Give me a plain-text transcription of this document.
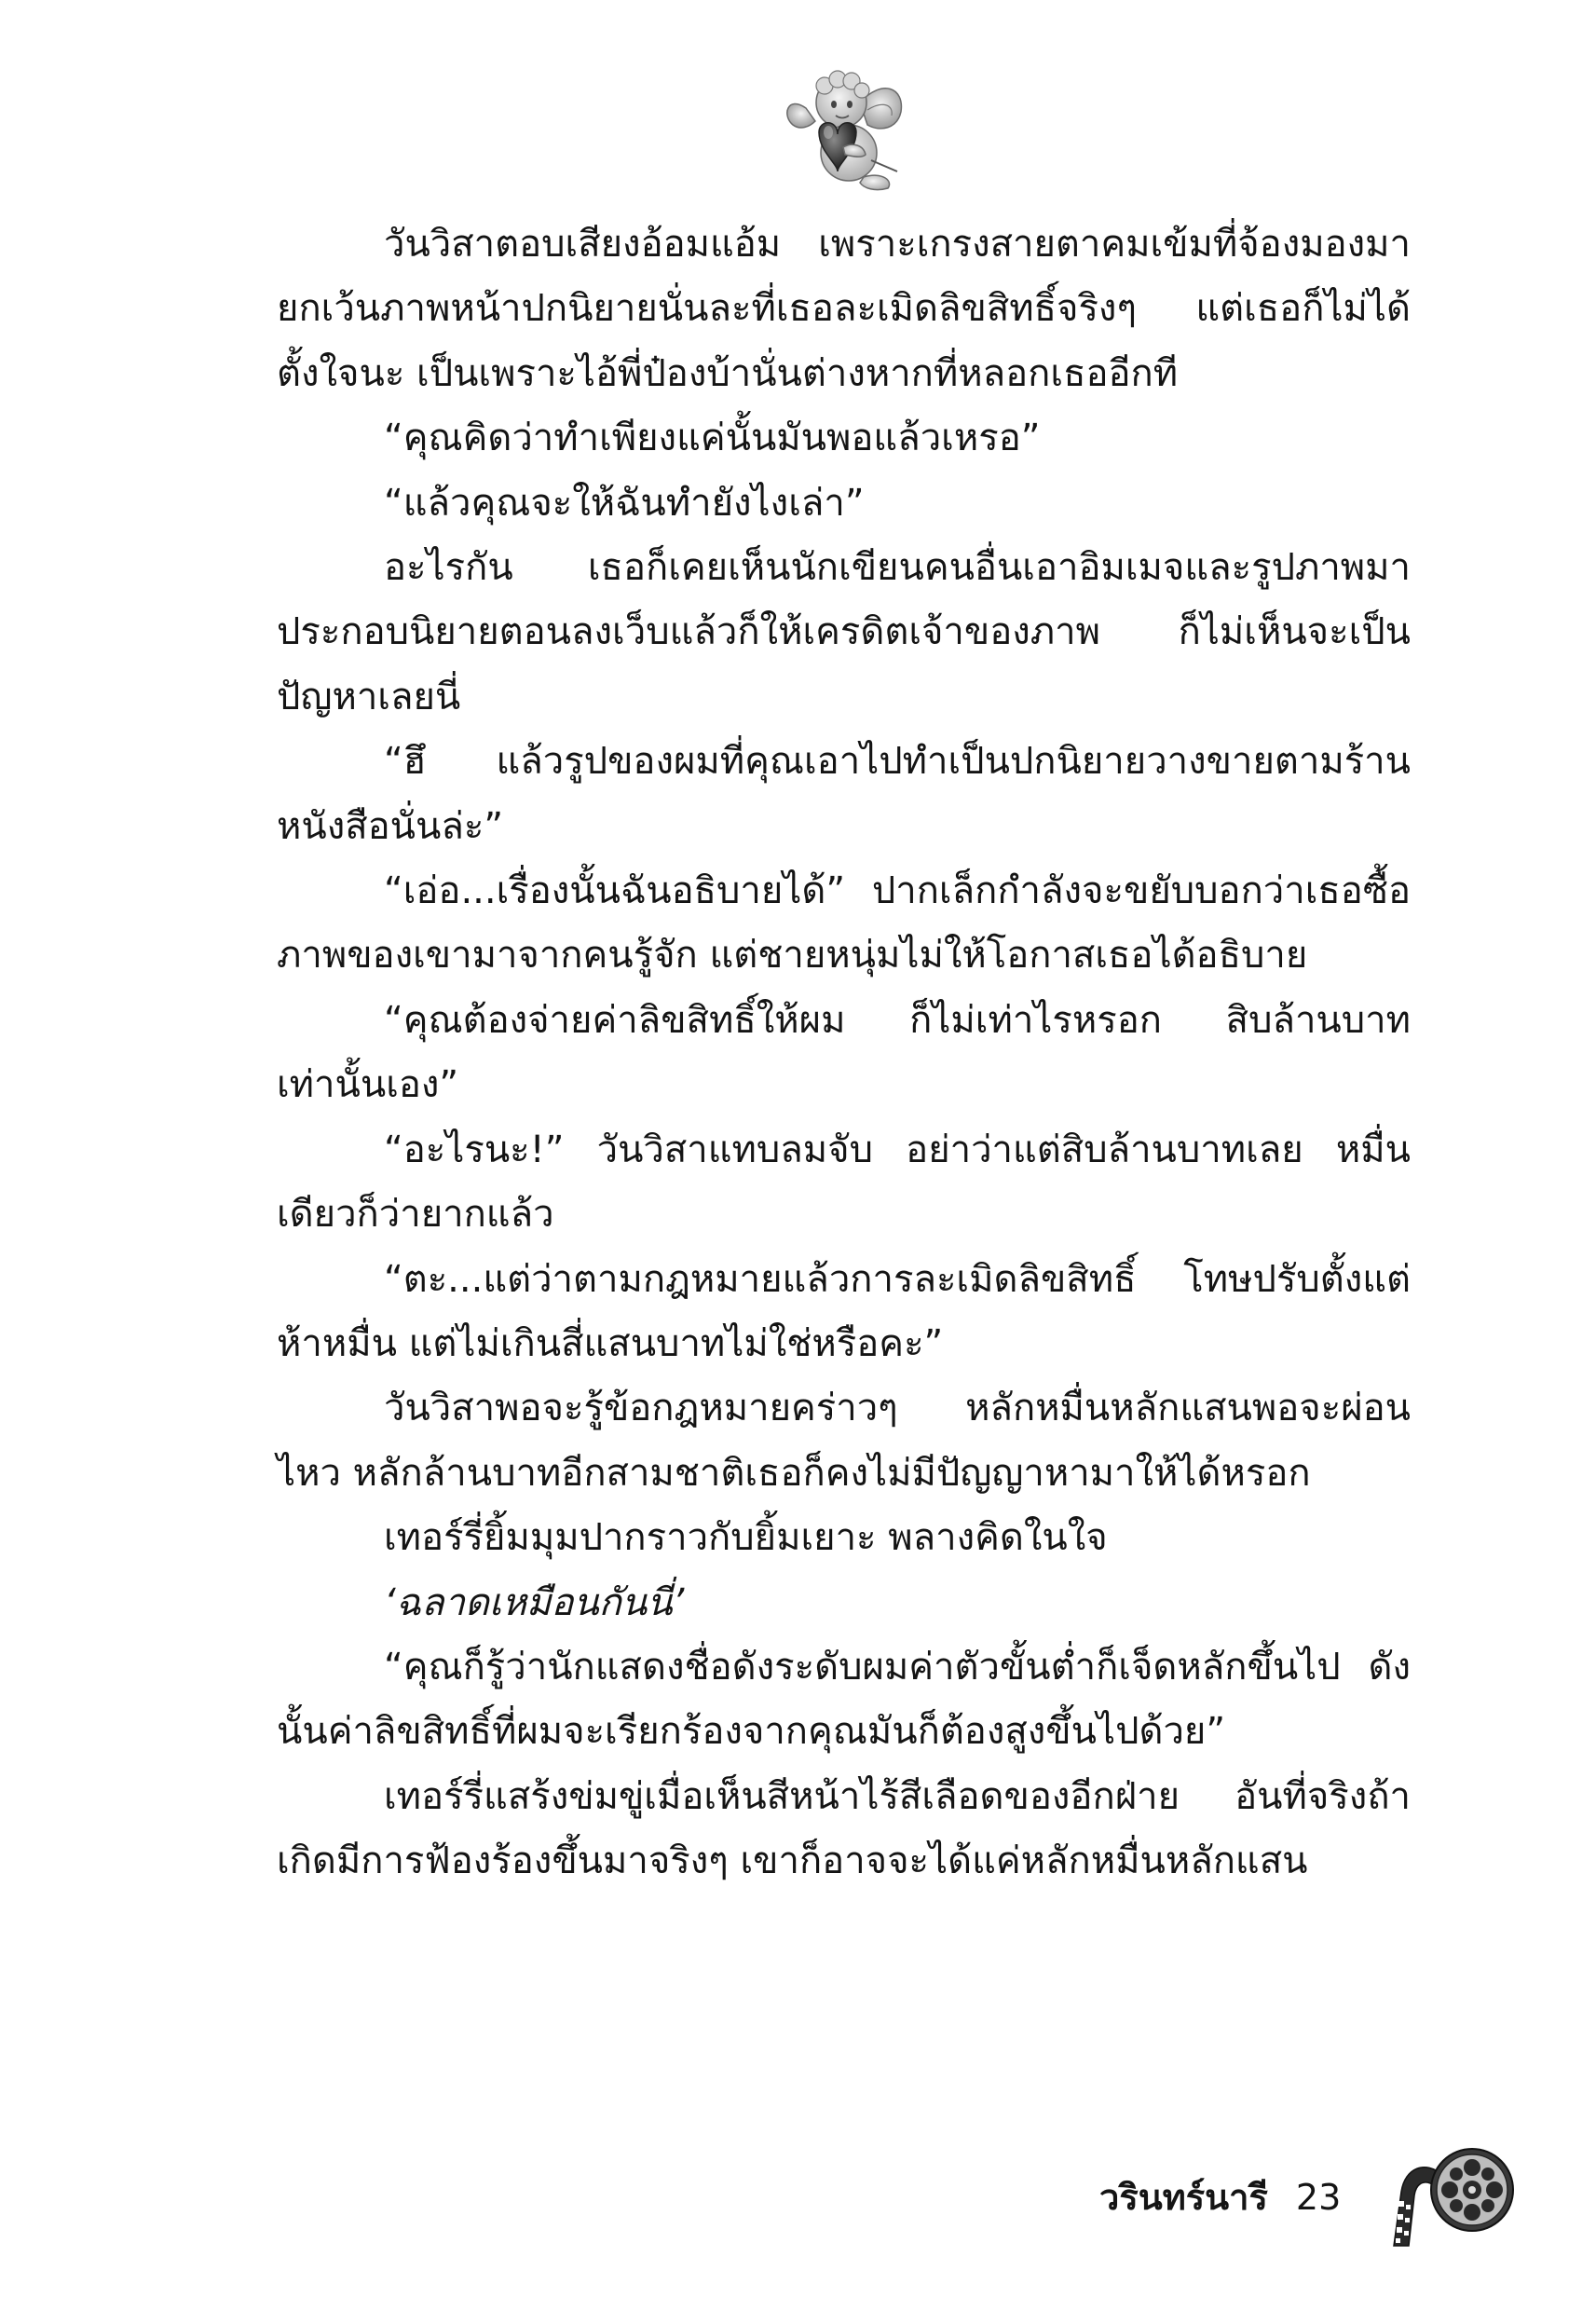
วันวิสาตอบเสียงอ้อมแอ้ม เพราะเกรงสายตาคมเข้มที่จ้องมองมา ยกเว้นภาพหน้าปกนิยายนั่นละที่เธอละเมิดลิขสิทธิ์จริงๆ แต่เธอก็ไม่ได้ตั้งใจนะ เป็นเพราะไอ้พี่ป๋องบ้านั่นต่างหากที่หลอกเธออีกที

“คุณคิดว่าทำเพียงแค่นั้นมันพอแล้วเหรอ”

“แล้วคุณจะให้ฉันทำยังไงเล่า”

อะไรกัน เธอก็เคยเห็นนักเขียนคนอื่นเอาอิมเมจและรูปภาพมาประกอบนิยายตอนลงเว็บแล้วก็ให้เครดิตเจ้าของภาพ ก็ไม่เห็นจะเป็นปัญหาเลยนี่

“ฮึ แล้วรูปของผมที่คุณเอาไปทำเป็นปกนิยายวางขายตามร้านหนังสือนั่นล่ะ”

“เอ่อ...เรื่องนั้นฉันอธิบายได้” ปากเล็กกำลังจะขยับบอกว่าเธอซื้อภาพของเขามาจากคนรู้จัก แต่ชายหนุ่มไม่ให้โอกาสเธอได้อธิบาย

“คุณต้องจ่ายค่าลิขสิทธิ์ให้ผม ก็ไม่เท่าไรหรอก สิบล้านบาทเท่านั้นเอง”

“อะไรนะ!” วันวิสาแทบลมจับ อย่าว่าแต่สิบล้านบาทเลย หมื่นเดียวก็ว่ายากแล้ว

“ตะ...แต่ว่าตามกฎหมายแล้วการละเมิดลิขสิทธิ์ โทษปรับตั้งแต่ห้าหมื่น แต่ไม่เกินสี่แสนบาทไม่ใช่หรือคะ”

วันวิสาพอจะรู้ข้อกฎหมายคร่าวๆ หลักหมื่นหลักแสนพอจะผ่อนไหว หลักล้านบาทอีกสามชาติเธอก็คงไม่มีปัญญาหามาให้ได้หรอก

เทอร์รี่ยิ้มมุมปากราวกับยิ้มเยาะ พลางคิดในใจ

‘ฉลาดเหมือนกันนี่’

“คุณก็รู้ว่านักแสดงชื่อดังระดับผมค่าตัวขั้นต่ำก็เจ็ดหลักขึ้นไป ดังนั้นค่าลิขสิทธิ์ที่ผมจะเรียกร้องจากคุณมันก็ต้องสูงขึ้นไปด้วย”

เทอร์รี่แสร้งข่มขู่เมื่อเห็นสีหน้าไร้สีเลือดของอีกฝ่าย อันที่จริงถ้าเกิดมีการฟ้องร้องขึ้นมาจริงๆ เขาก็อาจจะได้แค่หลักหมื่นหลักแสน

วรินทร์นารี 23
